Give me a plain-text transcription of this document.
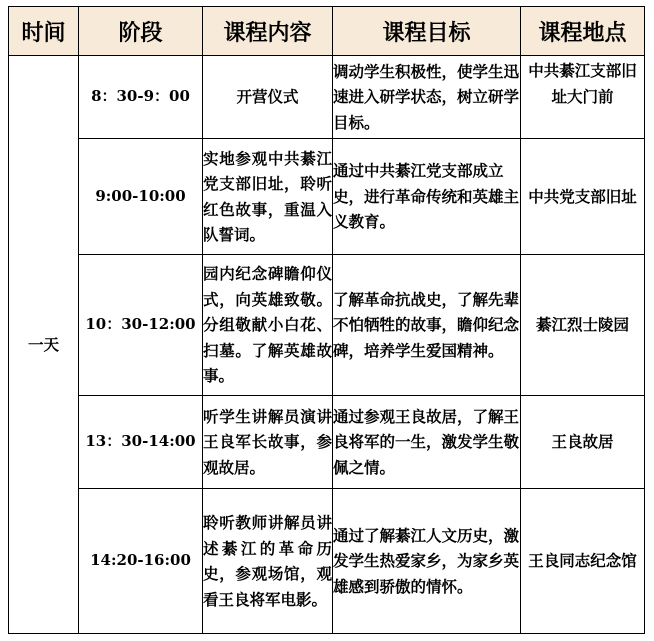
时间	阶段	课程内容	课程目标	课程地点
一天	8：30-9：00	开营仪式	调动学生积极性，使学生迅速进入研学状态，树立研学目标。	中共綦江支部旧址大门前
	9:00-10:00	实地参观中共綦江党支部旧址，聆听红色故事，重温入队誓词。	通过中共綦江党支部成立史，进行革命传统和英雄主义教育。	中共党支部旧址
	10：30-12:00	园内纪念碑瞻仰仪式，向英雄致敬。分组敬献小白花、扫墓。了解英雄故事。	了解革命抗战史，了解先辈不怕牺牲的故事，瞻仰纪念碑，培养学生爱国精神。	綦江烈士陵园
	13：30-14:00	听学生讲解员演讲王良军长故事，参观故居。	通过参观王良故居，了解王良将军的一生，激发学生敬佩之情。	王良故居
	14:20-16:00	聆听教师讲解员讲述綦江的革命历史，参观场馆，观看王良将军电影。	通过了解綦江人文历史，激发学生热爱家乡，为家乡英雄感到骄傲的情怀。	王良同志纪念馆
